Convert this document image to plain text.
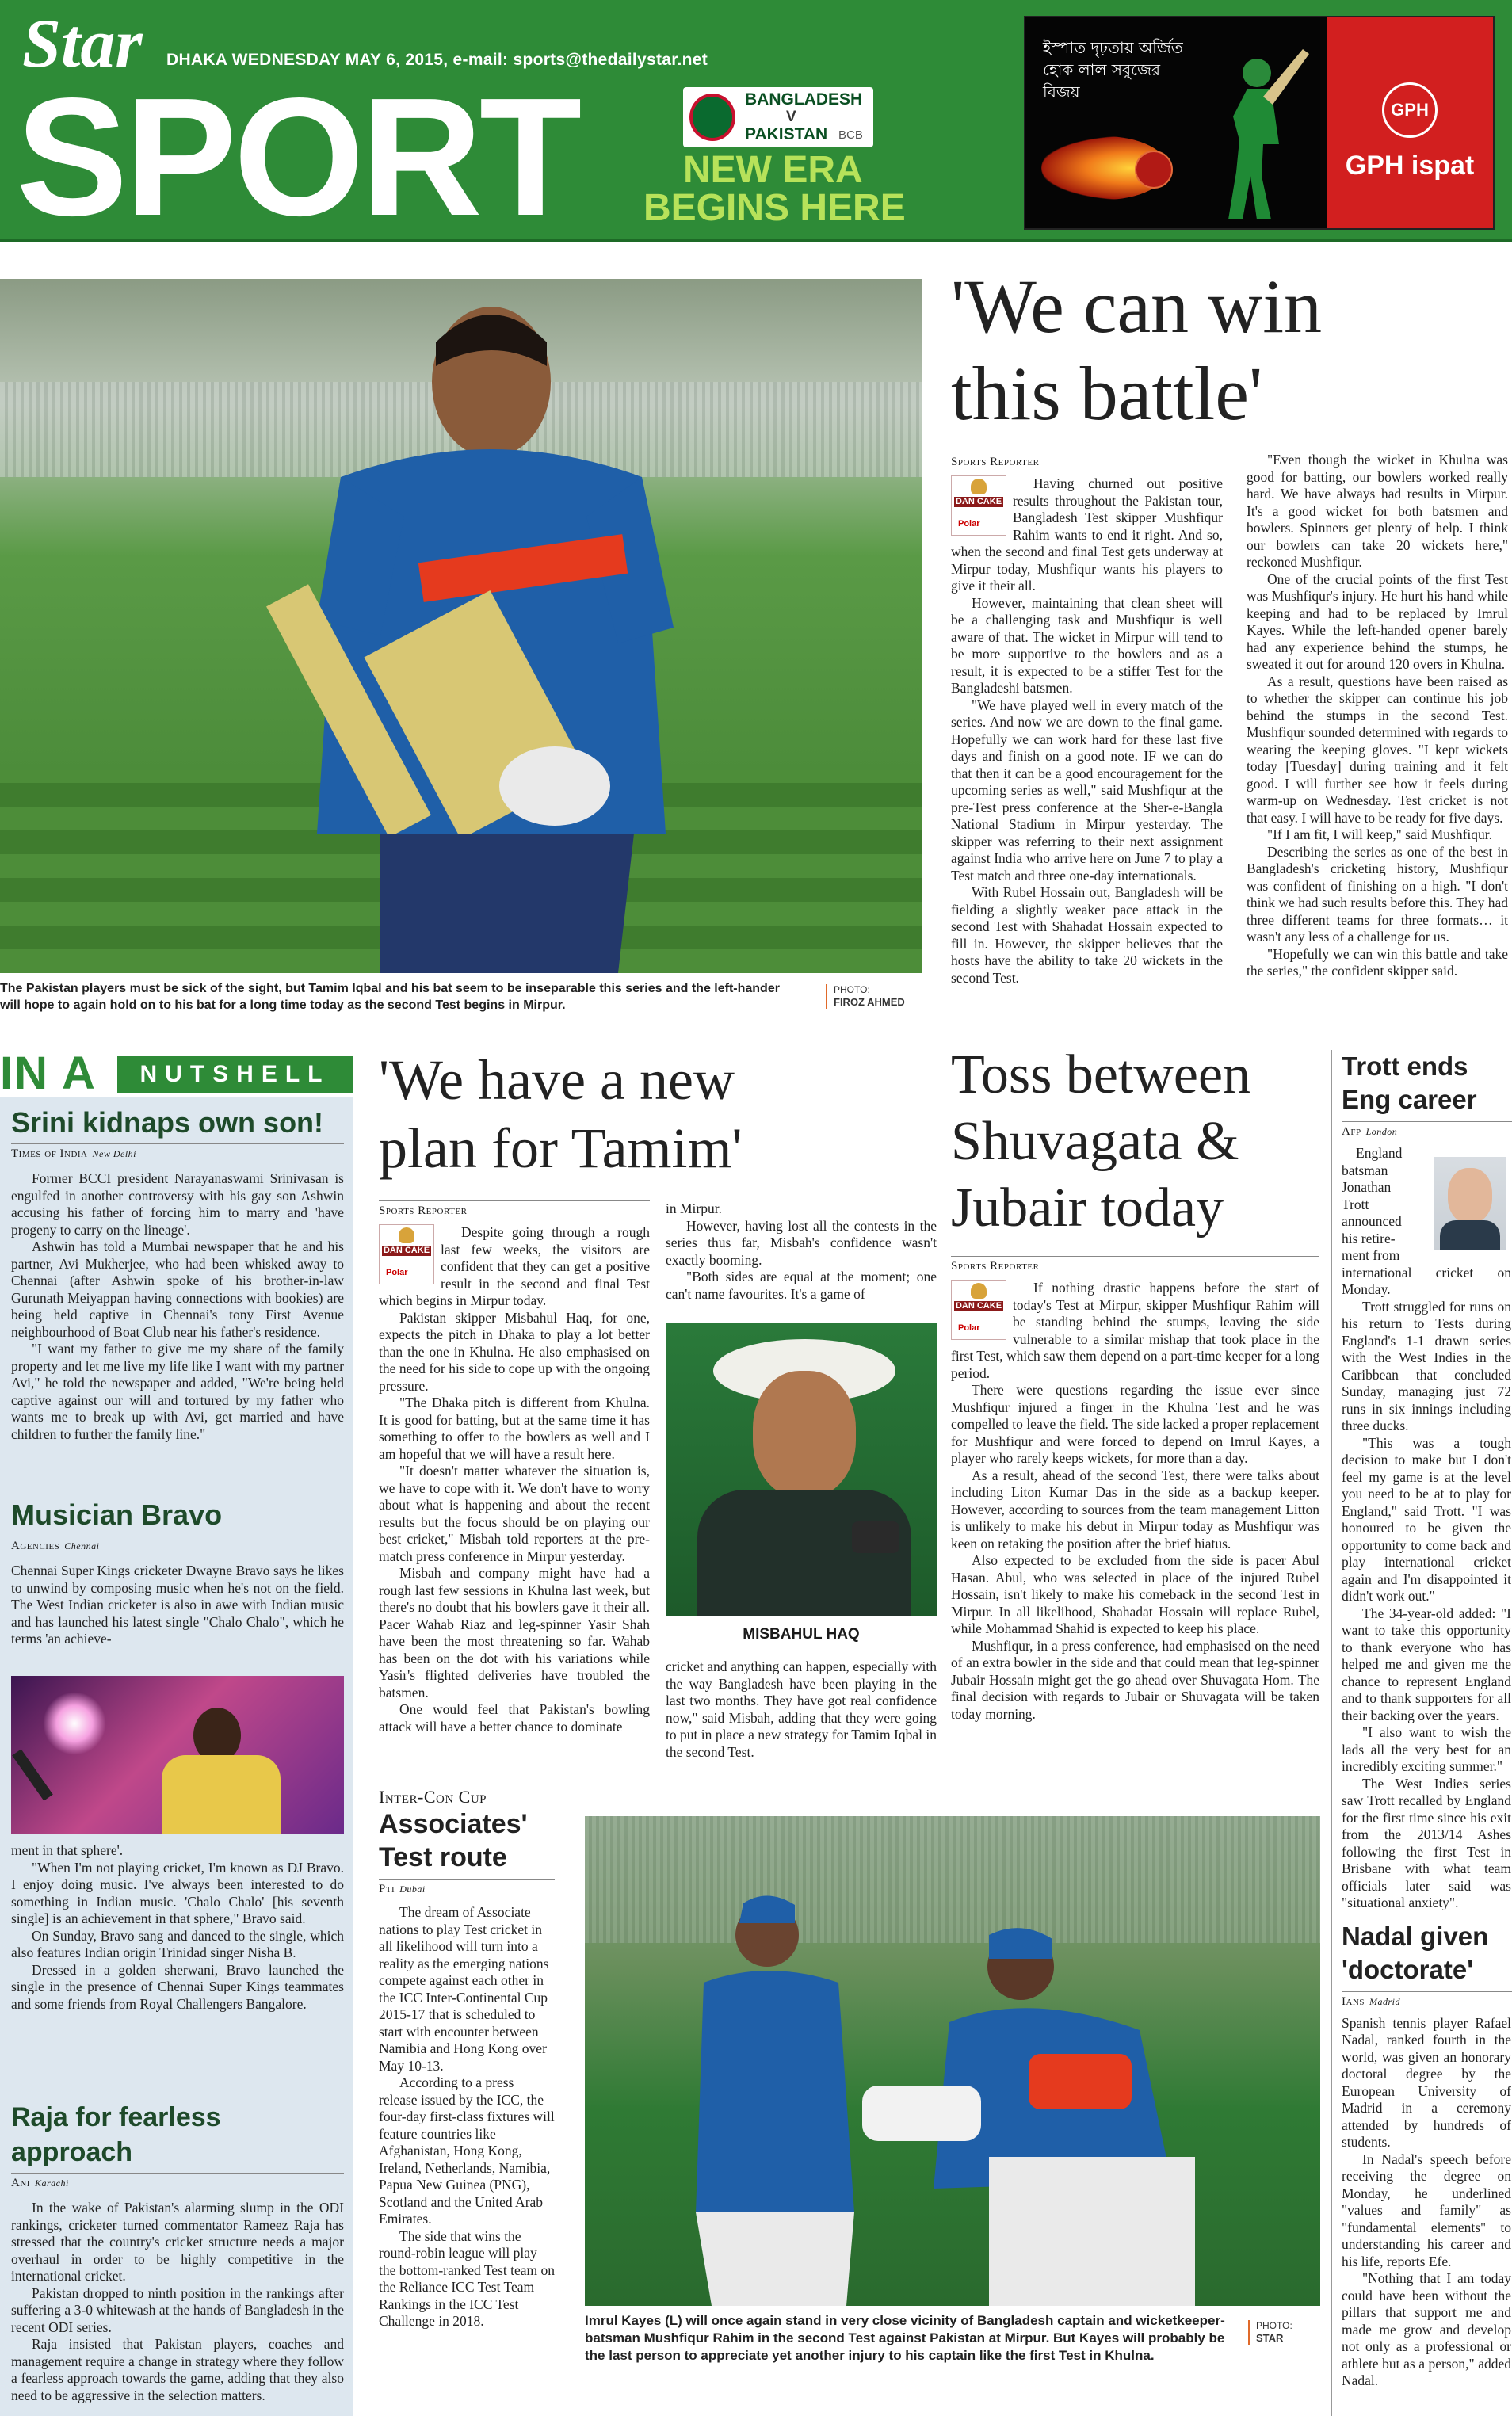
Star DHAKA WEDNESDAY MAY 6, 2015, e-mail: sports@thedailystar.net
SPORT	BANGLADESH
V
PAKISTAN BCB
NEW ERA
BEGINS HERE
ইস্পাত দৃঢ়তায় অর্জিত হোক লাল সবুজের বিজয়
GPH
GPH ispat
The Pakistan players must be sick of the sight, but Tamim Iqbal and his bat seem to be inseparable this series and the left-hander will hope to again hold on to his bat for a long time today as the second Test begins in Mirpur.
PHOTO:
FIROZ AHMED
'We can win
this battle'
Sports Reporter
DAN CAKE
Polar

Having churned out positive results throughout the Pakistan tour, Bangladesh Test skipper Mushfiqur Rahim wants to end it right. And so, when the second and final Test gets underway at Mirpur today, Mushfiqur wants his players to give it their all.

However, maintaining that clean sheet will be a challenging task and Mushfiqur is well aware of that. The wicket in Mirpur will tend to be more supportive to the bowlers and as a result, it is expected to be a stiffer Test for the Bangladeshi batsmen.

"We have played well in every match of the series. And now we are down to the final game. Hopefully we can work hard for these last five days and finish on a good note. IF we can do that then it can be a good encouragement for the upcoming series as well," said Mushfiqur at the pre-Test press conference at the Sher-e-Bangla National Stadium in Mirpur yesterday. The skipper was referring to their next assignment against India who arrive here on June 7 to play a Test match and three one-day internationals.

With Rubel Hossain out, Bangladesh will be fielding a slightly weaker pace attack in the second Test with Shahadat Hossain expected to fill in. However, the skipper believes that the hosts have the ability to take 20 wickets in the second Test.

"Even though the wicket in Khulna was good for batting, our bowlers worked really hard. We have always had results in Mirpur. It's a good wicket for both batsmen and bowlers. Spinners get plenty of help. I think our bowlers can take 20 wickets here," reckoned Mushfiqur.

One of the crucial points of the first Test was Mushfiqur's injury. He hurt his hand while keeping and had to be replaced by Imrul Kayes. While the left-handed opener barely had any experience behind the stumps, he sweated it out for around 120 overs in Khulna.

As a result, questions have been raised as to whether the skipper can continue his job behind the stumps in the second Test. Mushfiqur sounded determined with regards to wearing the keeping gloves. "I kept wickets today [Tuesday] during training and it felt good. I will further see how it feels during warm-up on Wednesday. Test cricket is not that easy. I will have to be ready for five days.

"If I am fit, I will keep," said Mushfiqur.

Describing the series as one of the best in Bangladesh's cricketing history, Mushfiqur was confident of finishing on a high. "I don't think we had such results before this. They had three different teams for three formats… it wasn't any less of a challenge for us.

"Hopefully we can win this battle and take the series," the confident skipper said.

IN A	NUTSHELL
Srini kidnaps own son!
Times of India New Delhi

Former BCCI president Narayanaswami Srinivasan is engulfed in another controversy with his gay son Ashwin accusing his father of forcing him to marry and 'have progeny to carry on the lineage'.

Ashwin has told a Mumbai newspaper that he and his partner, Avi Mukherjee, who had been whisked away to Chennai (after Ashwin spoke of his brother-in-law Gurunath Meiyappan having connections with bookies) are being held captive in Chennai's tony First Avenue neighbourhood of Boat Club near his father's residence.

"I want my father to give me my share of the family property and let me live my life like I want with my partner Avi," he told the newspaper and added, "We're being held captive against our will and tortured by my father who wants me to break up with Avi, get married and have children to further the family line."

Musician Bravo
Agencies Chennai
Chennai Super Kings cricketer Dwayne Bravo says he likes to unwind by composing music when he's not on the field. The West Indian cricketer is also in awe with Indian music and has launched his latest single "Chalo Chalo", which he terms 'an achieve-

ment in that sphere'.

"When I'm not playing cricket, I'm known as DJ Bravo. I enjoy doing music. I've always been interested to do something in Indian music. 'Chalo Chalo' [his seventh single] is an achievement in that sphere," Bravo said.

On Sunday, Bravo sang and danced to the single, which also features Indian origin Trinidad singer Nisha B.

Dressed in a golden sherwani, Bravo launched the single in the presence of Chennai Super Kings teammates and some friends from Royal Challengers Bangalore.

Raja for fearless approach
Ani Karachi

In the wake of Pakistan's alarming slump in the ODI rankings, cricketer turned commentator Rameez Raja has stressed that the country's cricket structure needs a major overhaul in order to be highly competitive in the international cricket.

Pakistan dropped to ninth position in the rankings after suffering a 3-0 whitewash at the hands of Bangladesh in the recent ODI series.

Raja insisted that Pakistan players, coaches and management require a change in strategy where they follow a fearless approach towards the game, adding that they also need to be aggressive in the selection matters.

'We have a new
plan for Tamim'
Sports Reporter
DAN CAKE
Polar

Despite going through a rough last few weeks, the visitors are confident that they can get a positive result in the second and final Test which begins in Mirpur today.

Pakistan skipper Misbahul Haq, for one, expects the pitch in Dhaka to play a lot better than the one in Khulna. He also emphasised on the need for his side to cope up with the ongoing pressure.

"The Dhaka pitch is different from Khulna. It is good for batting, but at the same time it has something to offer to the bowlers as well and I am hopeful that we will have a result here.

"It doesn't matter whatever the situation is, we have to cope with it. We don't have to worry about what is happening and about the recent results but the focus should be on playing our best cricket," Misbah told reporters at the pre-match press conference in Mirpur yesterday.

Misbah and company might have had a rough last few sessions in Khulna last week, but there's no doubt that his bowlers gave it their all. Pacer Wahab Riaz and leg-spinner Yasir Shah have been the most threatening so far. Wahab has been on the dot with his variations while Yasir's flighted deliveries have troubled the batsmen.

One would feel that Pakistan's bowling attack will have a better chance to dominate

in Mirpur.

However, having lost all the contests in the series thus far, Misbah's confidence wasn't exactly booming.

"Both sides are equal at the moment; one can't name favourites. It's a game of

MISBAHUL HAQ
cricket and anything can happen, especially with the way Bangladesh have been playing in the last two months. They have got real confidence now," said Misbah, adding that they were going to put in place a new strategy for Tamim Iqbal in the second Test.
Toss between
Shuvagata &
Jubair today
Sports Reporter
DAN CAKE
Polar

If nothing drastic happens before the start of today's Test at Mirpur, skipper Mushfiqur Rahim will be standing behind the stumps, leaving the side vulnerable to a similar mishap that took place in the first Test, which saw them depend on a part-time keeper for a long period.

There were questions regarding the issue ever since Mushfiqur injured a finger in the Khulna Test and he was compelled to leave the field. The side lacked a proper replacement for Mushfiqur and were forced to depend on Imrul Kayes, a player who rarely keeps wickets, for more than a day.

As a result, ahead of the second Test, there were talks about including Liton Kumar Das in the side as a backup keeper. However, according to sources from the team management Litton is unlikely to make his debut in Mirpur today as Mushfiqur was keen on retaking the position after the brief hiatus.

Also expected to be excluded from the side is pacer Abul Hasan. Abul, who was selected in place of the injured Rubel Hossain, isn't likely to make his comeback in the second Test in Mirpur. In all likelihood, Shahadat Hossain will replace Rubel, while Mohammad Shahid is expected to keep his place.

Mushfiqur, in a press conference, had emphasised on the need of an extra bowler in the side and that could mean that leg-spinner Jubair Hossain might get the go ahead over Shuvagata Hom. The final decision with regards to Jubair or Shuvagata will be taken today morning.

Inter-Con Cup
Associates'
Test route
Pti Dubai

The dream of Associate nations to play Test cricket in all likelihood will turn into a reality as the emerging nations compete against each other in the ICC Inter-Continental Cup 2015-17 that is scheduled to start with encounter between Namibia and Hong Kong over May 10-13.

According to a press release issued by the ICC, the four-day first-class fixtures will feature countries like Afghanistan, Hong Kong, Ireland, Netherlands, Namibia, Papua New Guinea (PNG), Scotland and the United Arab Emirates.

The side that wins the round-robin league will play the bottom-ranked Test team on the Reliance ICC Test Team Rankings in the ICC Test Challenge in 2018.	Imrul Kayes (L) will once again stand in very close vicinity of Bangladesh captain and wicketkeeper-batsman Mushfiqur Rahim in the second Test against Pakistan at Mirpur. But Kayes will probably be the last person to appreciate yet another injury to his captain like the first Test in Khulna.
PHOTO:
STAR
Trott ends
Eng career
Afp London
England
batsman
Jonathan
Trott
announced
his retire-
ment from

international cricket on Monday.

Trott struggled for runs on his return to Tests during England's 1-1 drawn series with the West Indies in the Caribbean that concluded Sunday, managing just 72 runs in six innings including three ducks.

"This was a tough decision to make but I don't feel my game is at the level you need to be at to play for England," said Trott. "I was honoured to be given the opportunity to come back and play international cricket again and I'm disappointed it didn't work out."

The 34-year-old added: "I want to take this opportunity to thank everyone who has helped me and given me the chance to represent England and to thank supporters for all their backing over the years.

"I also want to wish the lads all the very best for an incredibly exciting summer."

The West Indies series saw Trott recalled by England for the first time since his exit from the 2013/14 Ashes following the first Test in Brisbane with what team officials later said was "situational anxiety".

Nadal given
'doctorate'
Ians Madrid

Spanish tennis player Rafael Nadal, ranked fourth in the world, was given an honorary doctoral degree by the European University of Madrid in a ceremony attended by hundreds of students.

In Nadal's speech before receiving the degree on Monday, he underlined "values and family" as "fundamental elements" to understanding his career and his life, reports Efe.

"Nothing that I am today could have been without the pillars that support me and made me grow and develop not only as a professional or athlete but as a person," added Nadal.
